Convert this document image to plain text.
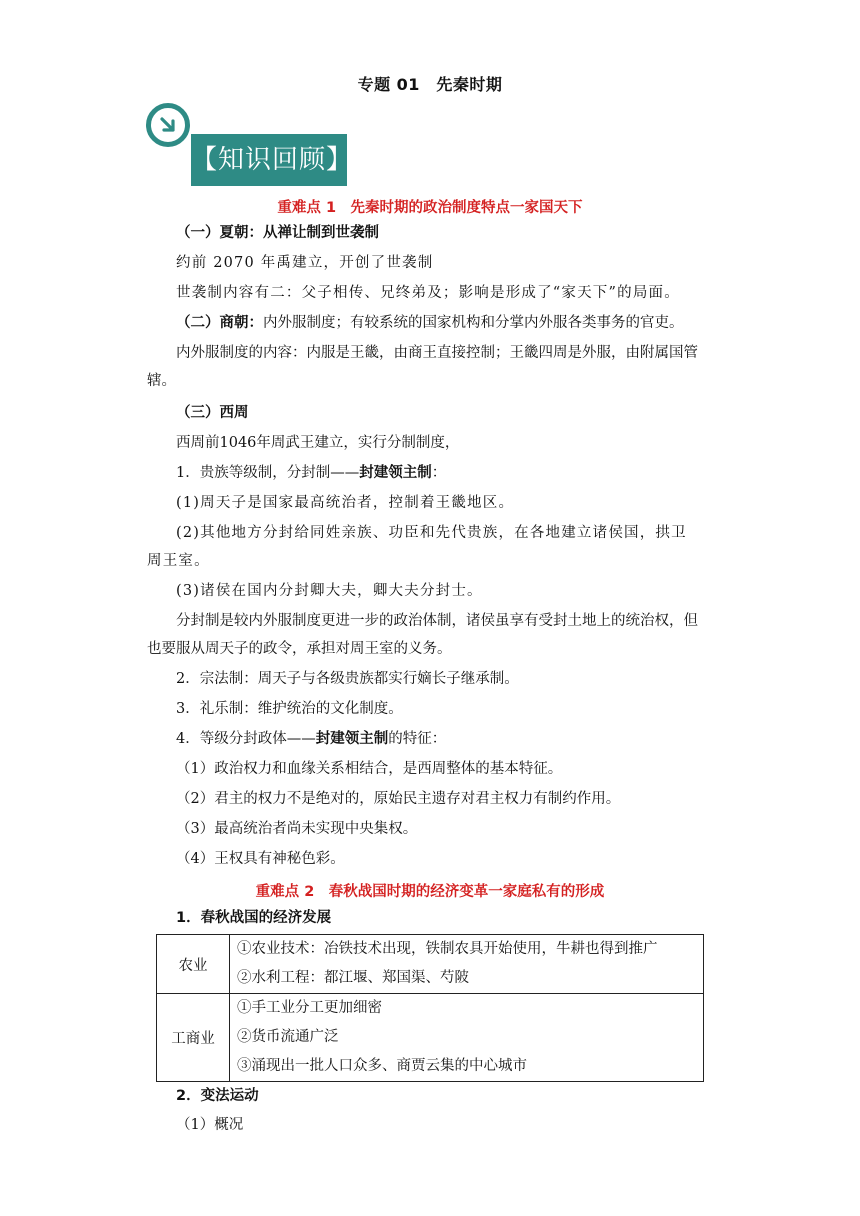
专题 01　先秦时期
【知识回顾】
重难点 1　先秦时期的政治制度特点一家国天下
（一）夏朝：从禅让制到世袭制
约前 2070 年禹建立，开创了世袭制
世袭制内容有二：父子相传、兄终弟及；影响是形成了“家天下”的局面。
（二）商朝：内外服制度；有较系统的国家机构和分掌内外服各类事务的官吏。
内外服制度的内容：内服是王畿，由商王直接控制；王畿四周是外服，由附属国管
辖。
（三）西周
西周前1046年周武王建立，实行分制制度，
1．贵族等级制，分封制——封建领主制：
(1)周天子是国家最高统治者，控制着王畿地区。
(2)其他地方分封给同姓亲族、功臣和先代贵族，在各地建立诸侯国，拱卫
周王室。
(3)诸侯在国内分封卿大夫，卿大夫分封士。
分封制是较内外服制度更进一步的政治体制，诸侯虽享有受封土地上的统治权，但
也要服从周天子的政令，承担对周王室的义务。
2．宗法制：周天子与各级贵族都实行嫡长子继承制。
3．礼乐制：维护统治的文化制度。
4．等级分封政体——封建领主制的特征：
（1）政治权力和血缘关系相结合，是西周整体的基本特征。
（2）君主的权力不是绝对的，原始民主遗存对君主权力有制约作用。
（3）最高统治者尚未实现中央集权。
（4）王权具有神秘色彩。
重难点 2　春秋战国时期的经济变革一家庭私有的形成
1．春秋战国的经济发展
农业	①农业技术：冶铁技术出现，铁制农具开始使用，牛耕也得到推广
②水利工程：都江堰、郑国渠、芍陂

工商业	①手工业分工更加细密
②货币流通广泛
③涌现出一批人口众多、商贾云集的中心城市
2．变法运动
（1）概况
